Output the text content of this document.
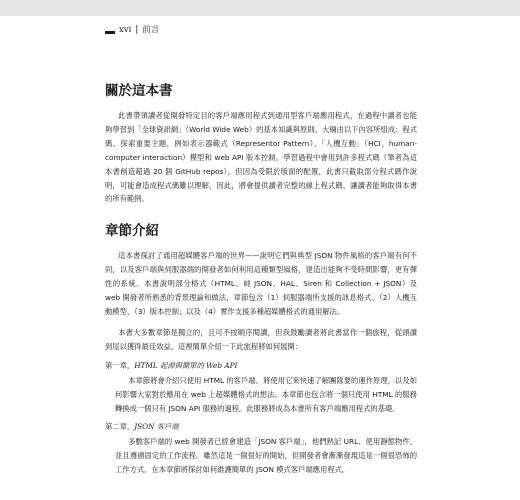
xvi | 前言
關於這本書

此書帶領讀者從開發特定目的客戶端應用程式到通用型客戶端應用程式，在過程中讀者也能夠學習到「全球資訊網」（World Wide Web）的基本知識與原則。大綱由以下內容所組成：程式碼、探索重要主題，例如表示器範式（Representor Pattern）、「人機互動」（HCI，human-computer interaction）模型和 web API 版本控制。學習過程中會用到許多程式碼（筆者為這本書創造超過 20 個 GitHub repos），但因為受限於版面的配置，此書只截取部分程式碼作說明，可能會造成程式碼難以理解，因此，將會提供讀者完整的線上程式碼，讓讀者能夠取得本書的所有範例。

章節介紹

這本書探討了通用超媒體客戶端的世界——說明它們與典型 JSON 物件風格的客戶端有何不同，以及客戶端與伺服器端的開發者如何利用這種類型風格，建造出能夠不受時間影響，更有彈性的系統。本書說明部分格式（HTML、純 JSON、HAL、Siren 和 Collection + JSON）及 web 開發者所熟悉的背景理論和做法，章節包含（1）伺服器端所支援的訊息格式、（2）人機互動模型、（3）版本控制；以及（4）實作支援多種超媒體格式的通用解法。

本書大多數章節是獨立的，且可不按順序閱讀，但我鼓勵讀者將此書當作一個旅程，從頭讀到尾以獲得最佳效益。這裡簡單介紹一下此旅程將如何展開：

第一章，HTML 起源與簡單的 Web API

本章節將會介紹只使用 HTML 的客戶端。將使用它來快速了解團隊要的運作原理，以及如何影響大家對於應用在 web 上超媒體格式的想法。本章節也包含將一個只使用 HTML 的服務轉換成一個只有 JSON API 服務的過程。此服務將成為本書所有客戶端應用程式的基礎。

第二章，JSON 客戶端

多數客戶端的 web 開發者已經會建造「JSON 客戶端」，他們熟記 URL、使用靜態物件，並且遵循固定的工作流程。雖然這是一個很好的開始，但開發者會漸漸發現這是一個很恐怖的工作方式。在本章節將探討如何維護簡單的 JSON 模式客戶端應用程式。
